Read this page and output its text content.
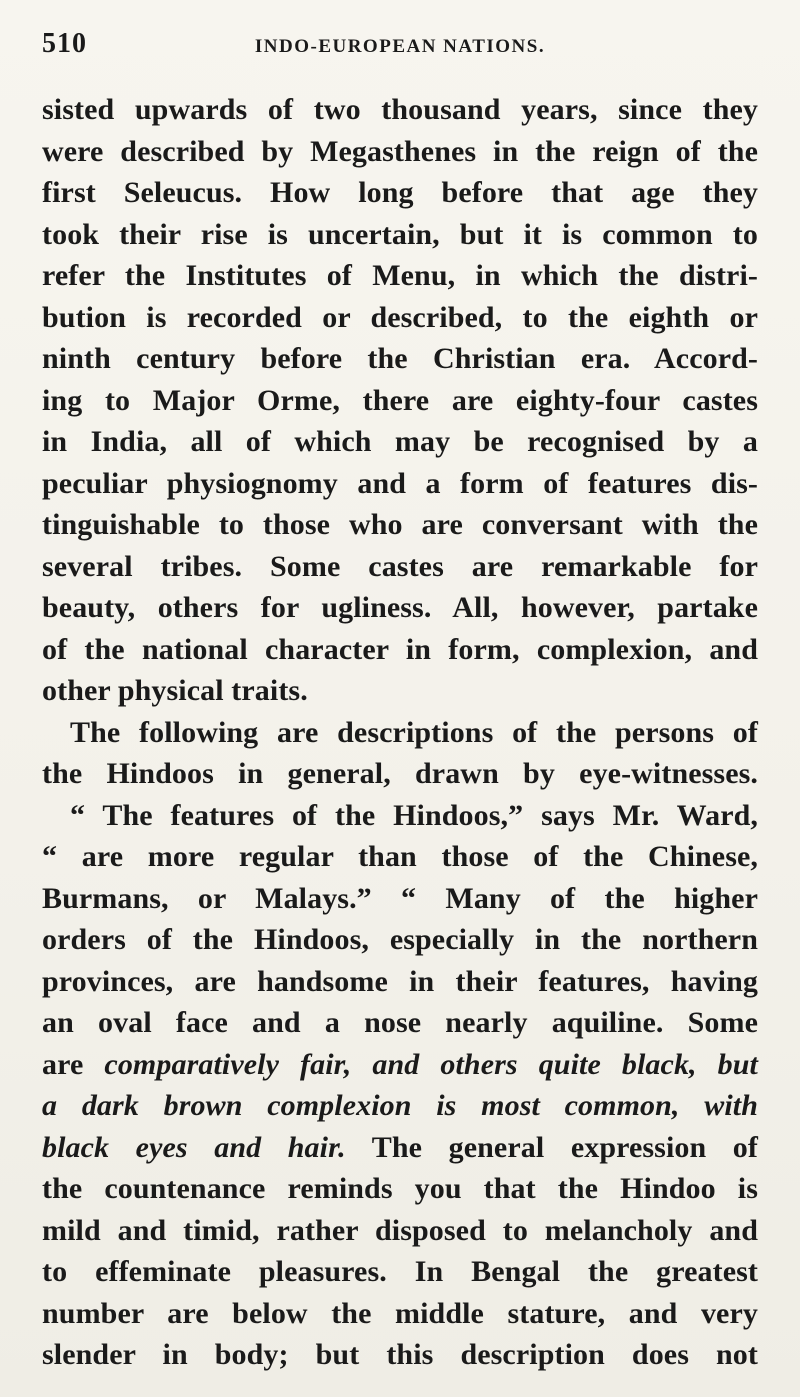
510	INDO-EUROPEAN NATIONS.
sisted upwards of two thousand years, since they
were described by Megasthenes in the reign of the
first Seleucus. How long before that age they
took their rise is uncertain, but it is common to
refer the Institutes of Menu, in which the distri-
bution is recorded or described, to the eighth or
ninth century before the Christian era. Accord-
ing to Major Orme, there are eighty-four castes
in India, all of which may be recognised by a
peculiar physiognomy and a form of features dis-
tinguishable to those who are conversant with the
several tribes. Some castes are remarkable for
beauty, others for ugliness. All, however, partake
of the national character in form, complexion, and
other physical traits.
The following are descriptions of the persons of
the Hindoos in general, drawn by eye-witnesses.
“ The features of the Hindoos,” says Mr. Ward,
“ are more regular than those of the Chinese,
Burmans, or Malays.” “ Many of the higher
orders of the Hindoos, especially in the northern
provinces, are handsome in their features, having
an oval face and a nose nearly aquiline. Some
are comparatively fair, and others quite black, but
a dark brown complexion is most common, with
black eyes and hair. The general expression of
the countenance reminds you that the Hindoo is
mild and timid, rather disposed to melancholy and
to effeminate pleasures. In Bengal the greatest
number are below the middle stature, and very
slender in body; but this description does not
